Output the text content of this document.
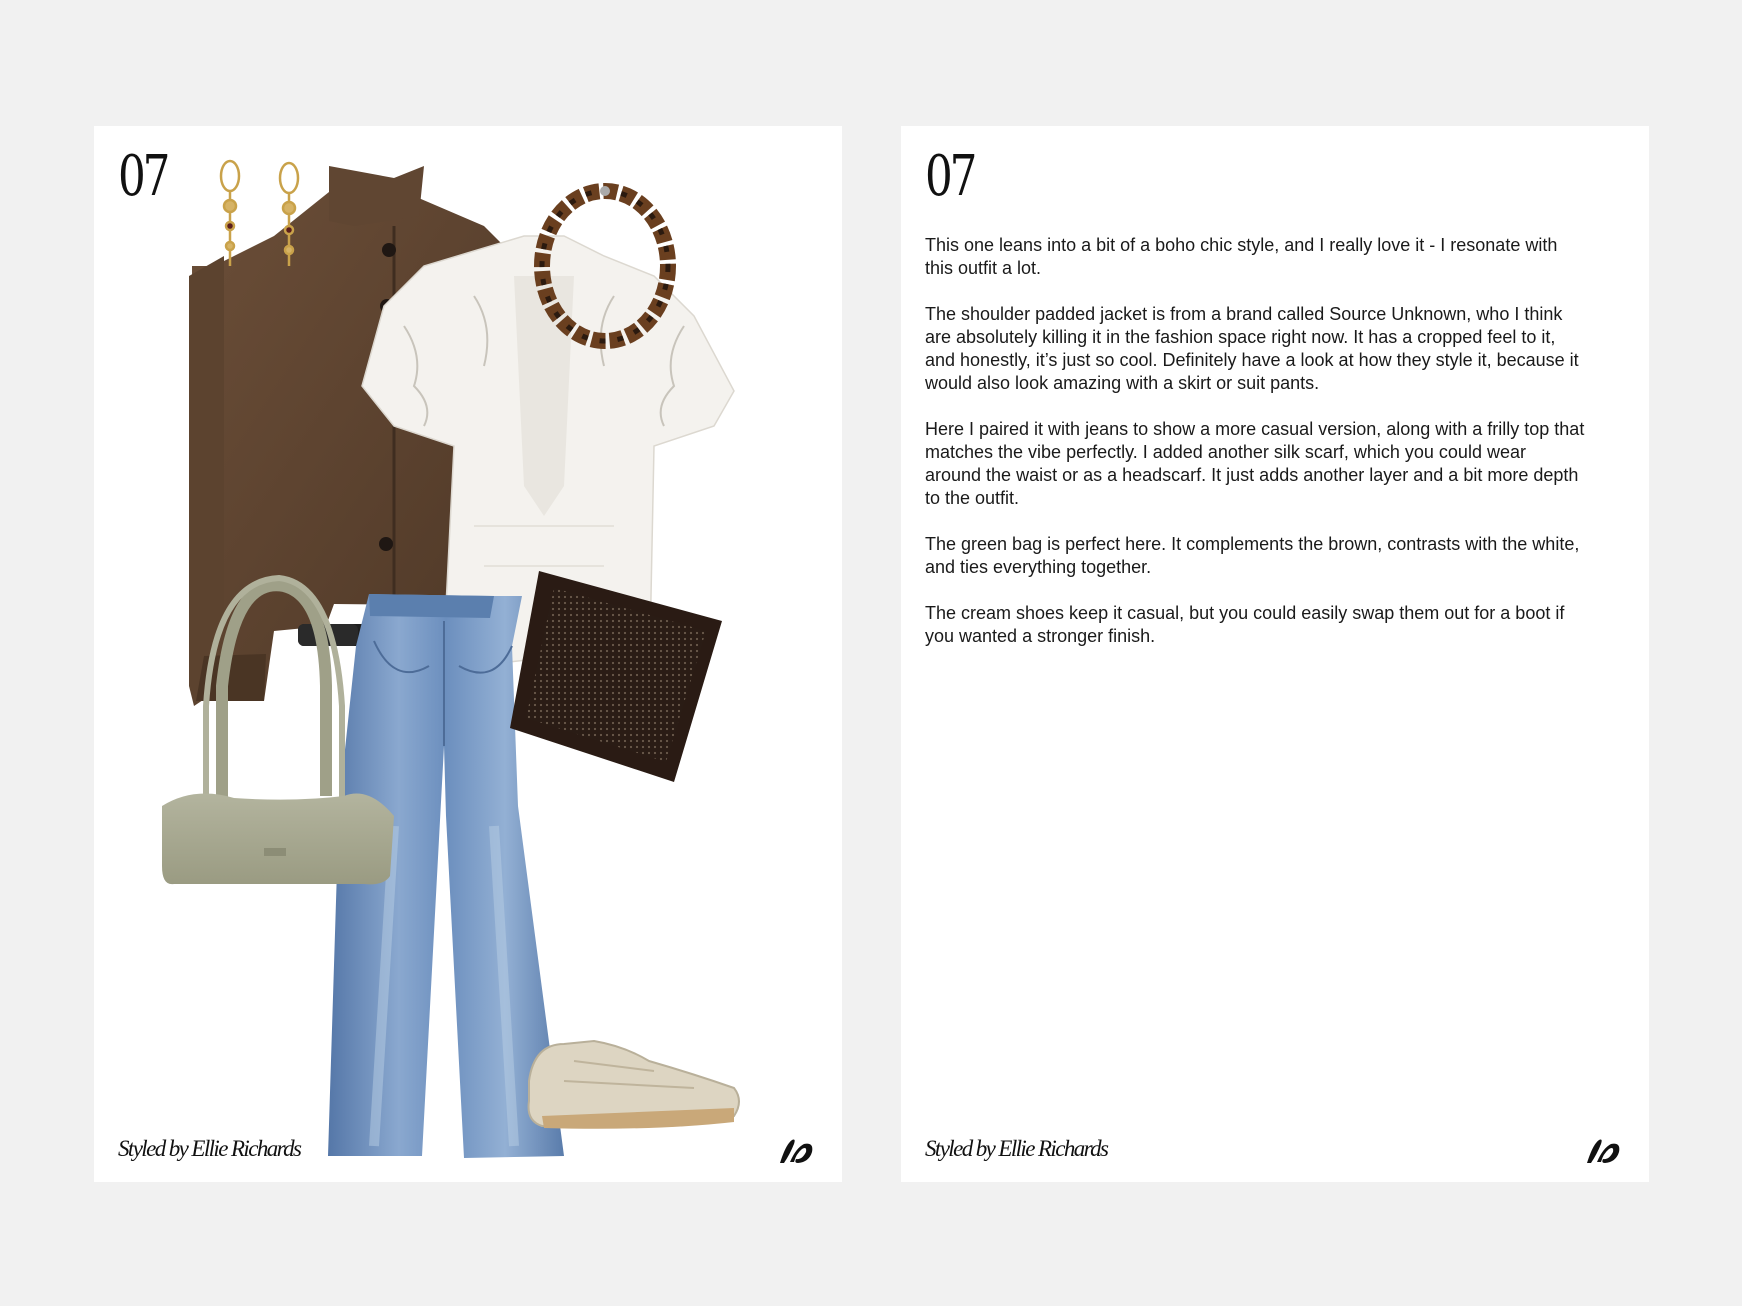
07
Styled by Ellie Richards
07

This one leans into a bit of a boho chic style, and I really love it - I resonate with this outfit a lot.

The shoulder padded jacket is from a brand called Source Unknown, who I think are absolutely killing it in the fashion space right now. It has a cropped feel to it, and honestly, it’s just so cool. Definitely have a look at how they style it, because it would also look amazing with a skirt or suit pants.

Here I paired it with jeans to show a more casual version, along with a frilly top that matches the vibe perfectly. I added another silk scarf, which you could wear around the waist or as a headscarf. It just adds another layer and a bit more depth to the outfit.

The green bag is perfect here. It complements the brown, contrasts with the white, and ties everything together.

The cream shoes keep it casual, but you could easily swap them out for a boot if you wanted a stronger finish.

Styled by Ellie Richards
